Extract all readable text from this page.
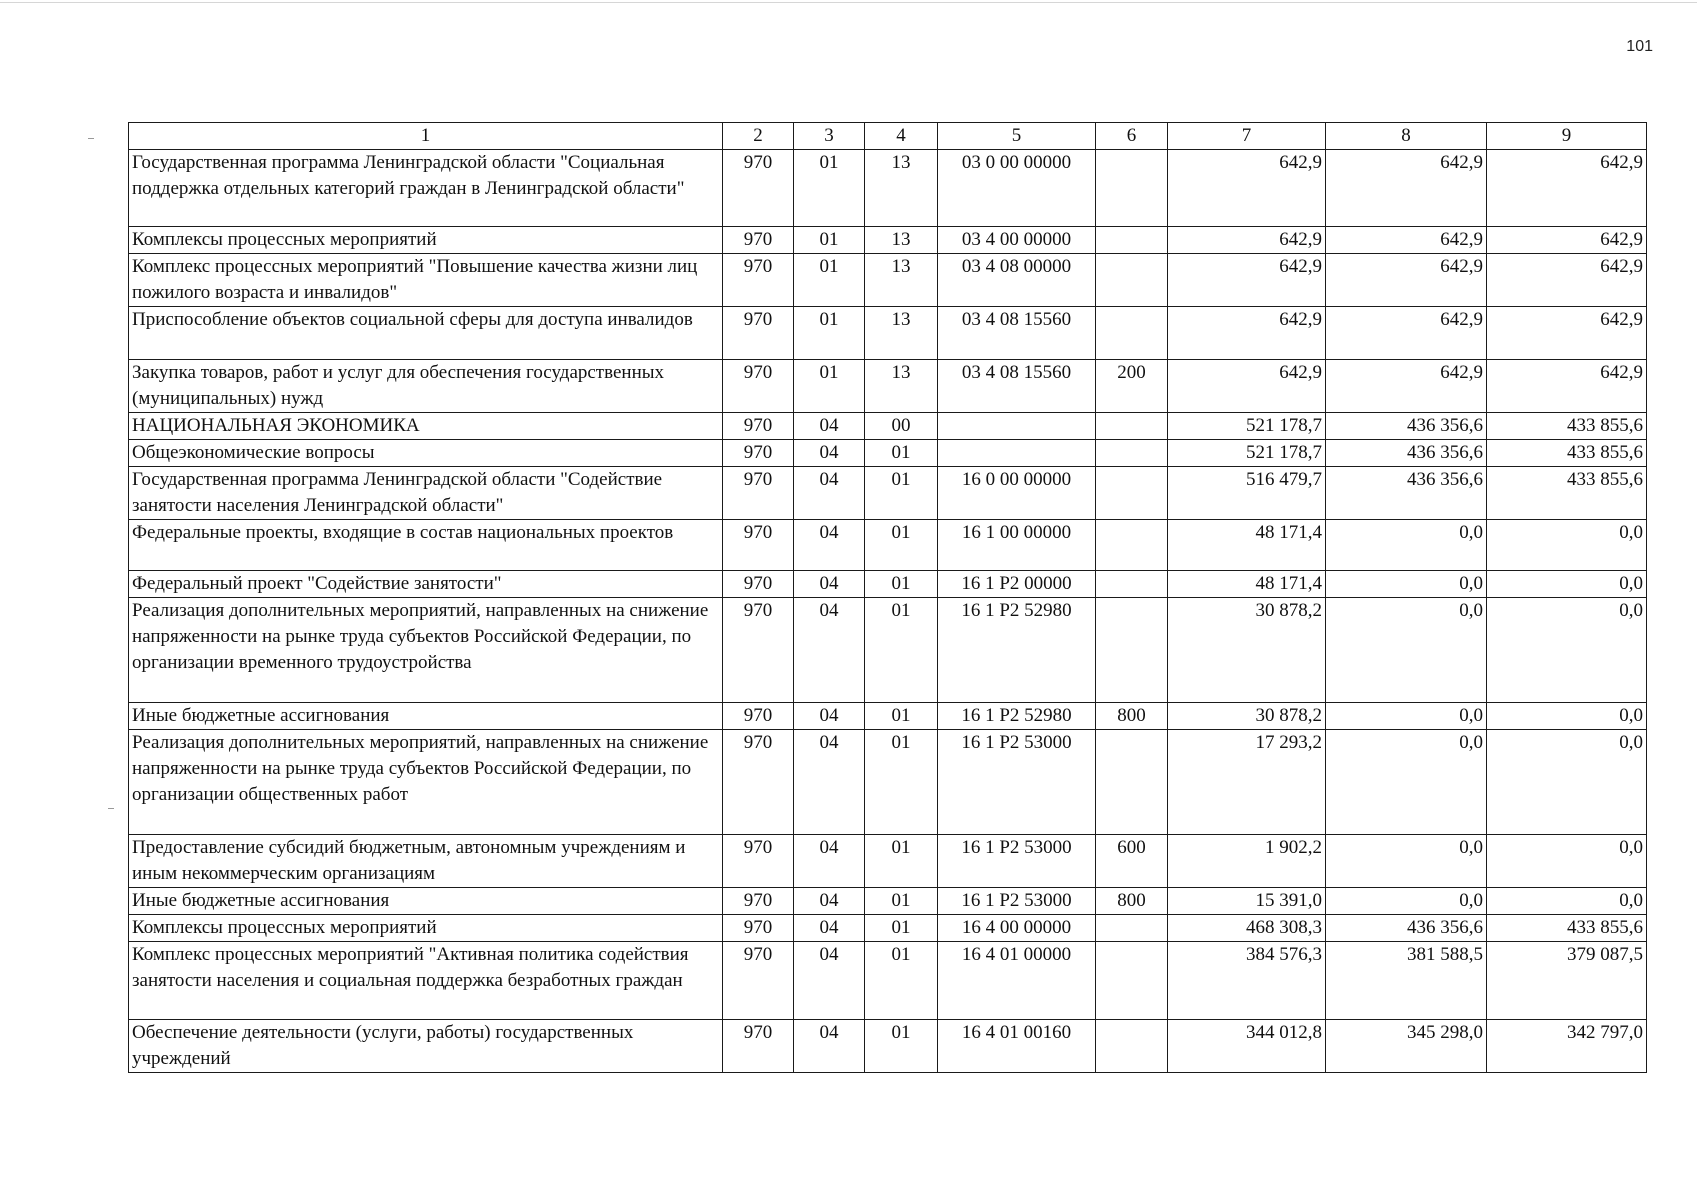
101
1	2	3	4	5	6	7	8	9
Государственная программа Ленинградской области "Социальная поддержка отдельных категорий граждан в Ленинградской области"	970	01	13	03 0 00 00000		642,9	642,9	642,9
Комплексы процессных мероприятий	970	01	13	03 4 00 00000		642,9	642,9	642,9
Комплекс процессных мероприятий "Повышение качества жизни лиц пожилого возраста и инвалидов"	970	01	13	03 4 08 00000		642,9	642,9	642,9
Приспособление объектов социальной сферы для доступа инвалидов	970	01	13	03 4 08 15560		642,9	642,9	642,9
Закупка товаров, работ и услуг для обеспечения государственных (муниципальных) нужд	970	01	13	03 4 08 15560	200	642,9	642,9	642,9
НАЦИОНАЛЬНАЯ ЭКОНОМИКА	970	04	00			521 178,7	436 356,6	433 855,6
Общеэкономические вопросы	970	04	01			521 178,7	436 356,6	433 855,6
Государственная программа Ленинградской области "Содействие занятости населения Ленинградской области"	970	04	01	16 0 00 00000		516 479,7	436 356,6	433 855,6
Федеральные проекты, входящие в состав национальных проектов	970	04	01	16 1 00 00000		48 171,4	0,0	0,0
Федеральный проект "Содействие занятости"	970	04	01	16 1 P2 00000		48 171,4	0,0	0,0
Реализация дополнительных мероприятий, направленных на снижение напряженности на рынке труда субъектов Российской Федерации, по организации временного трудоустройства	970	04	01	16 1 P2 52980		30 878,2	0,0	0,0
Иные бюджетные ассигнования	970	04	01	16 1 P2 52980	800	30 878,2	0,0	0,0
Реализация дополнительных мероприятий, направленных на снижение напряженности на рынке труда субъектов Российской Федерации, по организации общественных работ	970	04	01	16 1 P2 53000		17 293,2	0,0	0,0
Предоставление субсидий бюджетным, автономным учреждениям и иным некоммерческим организациям	970	04	01	16 1 P2 53000	600	1 902,2	0,0	0,0
Иные бюджетные ассигнования	970	04	01	16 1 P2 53000	800	15 391,0	0,0	0,0
Комплексы процессных мероприятий	970	04	01	16 4 00 00000		468 308,3	436 356,6	433 855,6
Комплекс процессных мероприятий "Активная политика содействия занятости населения и социальная поддержка безработных граждан	970	04	01	16 4 01 00000		384 576,3	381 588,5	379 087,5
Обеспечение деятельности (услуги, работы) государственных учреждений	970	04	01	16 4 01 00160		344 012,8	345 298,0	342 797,0
